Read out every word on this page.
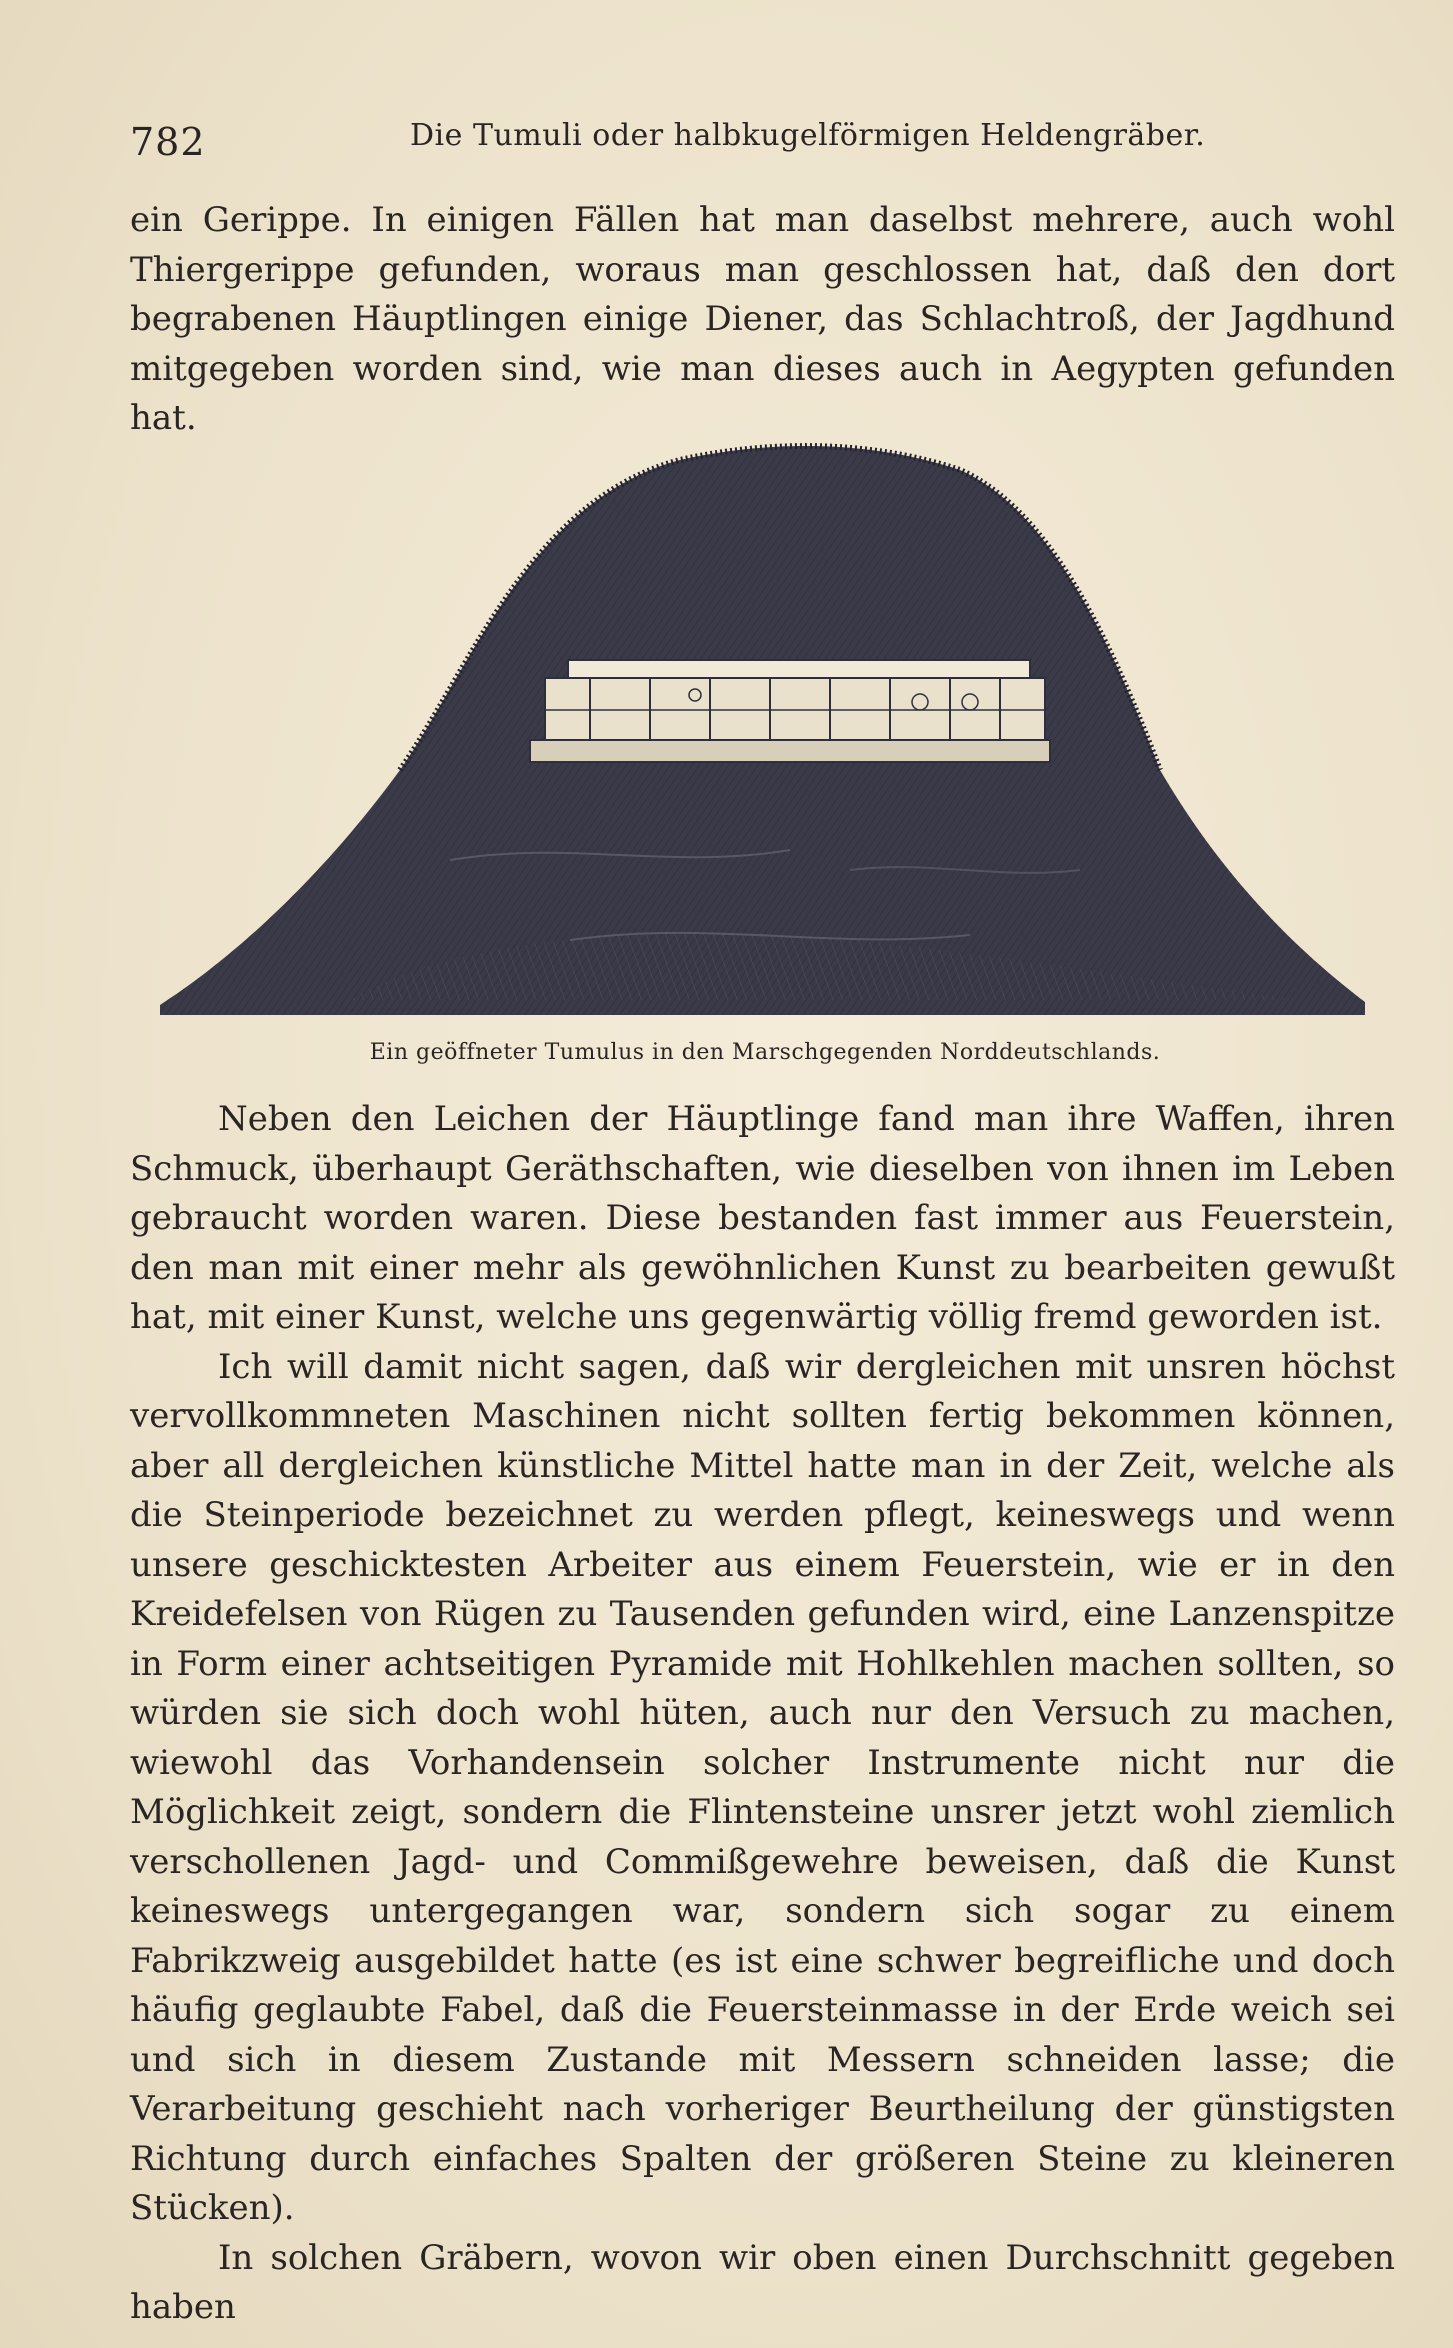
782	Die Tumuli oder halbkugelförmigen Heldengräber.

ein Gerippe. In einigen Fällen hat man daselbst mehrere, auch wohl Thiergerippe gefunden, woraus man geschlossen hat, daß den dort begrabenen Häuptlingen einige Diener, das Schlachtroß, der Jagdhund mitgegeben worden sind, wie man dieses auch in Aegypten gefunden hat.

Ein geöffneter Tumulus in den Marschgegenden Norddeutschlands.

Neben den Leichen der Häuptlinge fand man ihre Waffen, ihren Schmuck, überhaupt Geräthschaften, wie dieselben von ihnen im Leben gebraucht worden waren. Diese bestanden fast immer aus Feuerstein, den man mit einer mehr als gewöhnlichen Kunst zu bearbeiten gewußt hat, mit einer Kunst, welche uns gegenwärtig völlig fremd geworden ist.

Ich will damit nicht sagen, daß wir dergleichen mit unsren höchst vervollkommneten Maschinen nicht sollten fertig bekommen können, aber all dergleichen künstliche Mittel hatte man in der Zeit, welche als die Steinperiode bezeichnet zu werden pflegt, keineswegs und wenn unsere geschicktesten Arbeiter aus einem Feuerstein, wie er in den Kreidefelsen von Rügen zu Tausenden gefunden wird, eine Lanzenspitze in Form einer achtseitigen Pyramide mit Hohlkehlen machen sollten, so würden sie sich doch wohl hüten, auch nur den Versuch zu machen, wiewohl das Vorhandensein solcher Instrumente nicht nur die Möglichkeit zeigt, sondern die Flintensteine unsrer jetzt wohl ziemlich verschollenen Jagd- und Commißgewehre beweisen, daß die Kunst keineswegs untergegangen war, sondern sich sogar zu einem Fabrikzweig ausgebildet hatte (es ist eine schwer begreifliche und doch häufig geglaubte Fabel, daß die Feuersteinmasse in der Erde weich sei und sich in diesem Zustande mit Messern schneiden lasse; die Verarbeitung geschieht nach vorheriger Beurtheilung der günstigsten Richtung durch einfaches Spalten der größeren Steine zu kleineren Stücken).

In solchen Gräbern, wovon wir oben einen Durchschnitt gegeben haben
